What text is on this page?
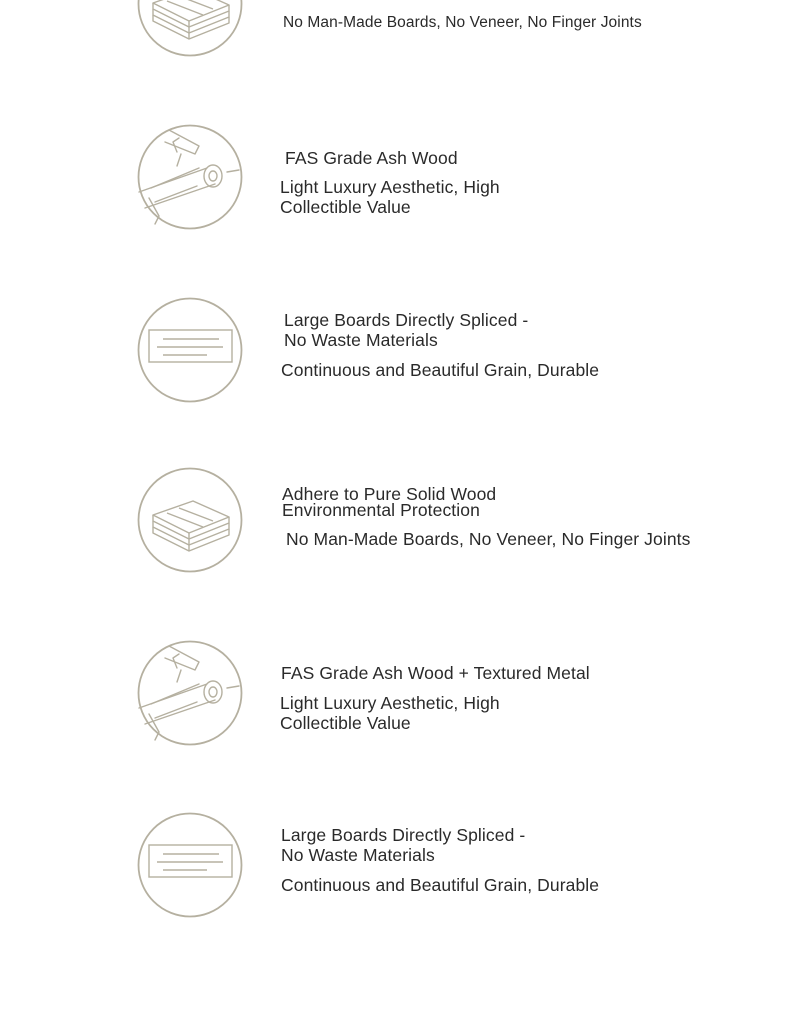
No Man-Made Boards, No Veneer, No Finger Joints
FAS Grade Ash Wood
Light Luxury Aesthetic, High
Collectible Value
Large Boards Directly Spliced -
No Waste Materials
Continuous and Beautiful Grain, Durable
Adhere to Pure Solid Wood
Environmental Protection
No Man-Made Boards, No Veneer, No Finger Joints
FAS Grade Ash Wood + Textured Metal
Light Luxury Aesthetic, High
Collectible Value
Large Boards Directly Spliced -
No Waste Materials
Continuous and Beautiful Grain, Durable
